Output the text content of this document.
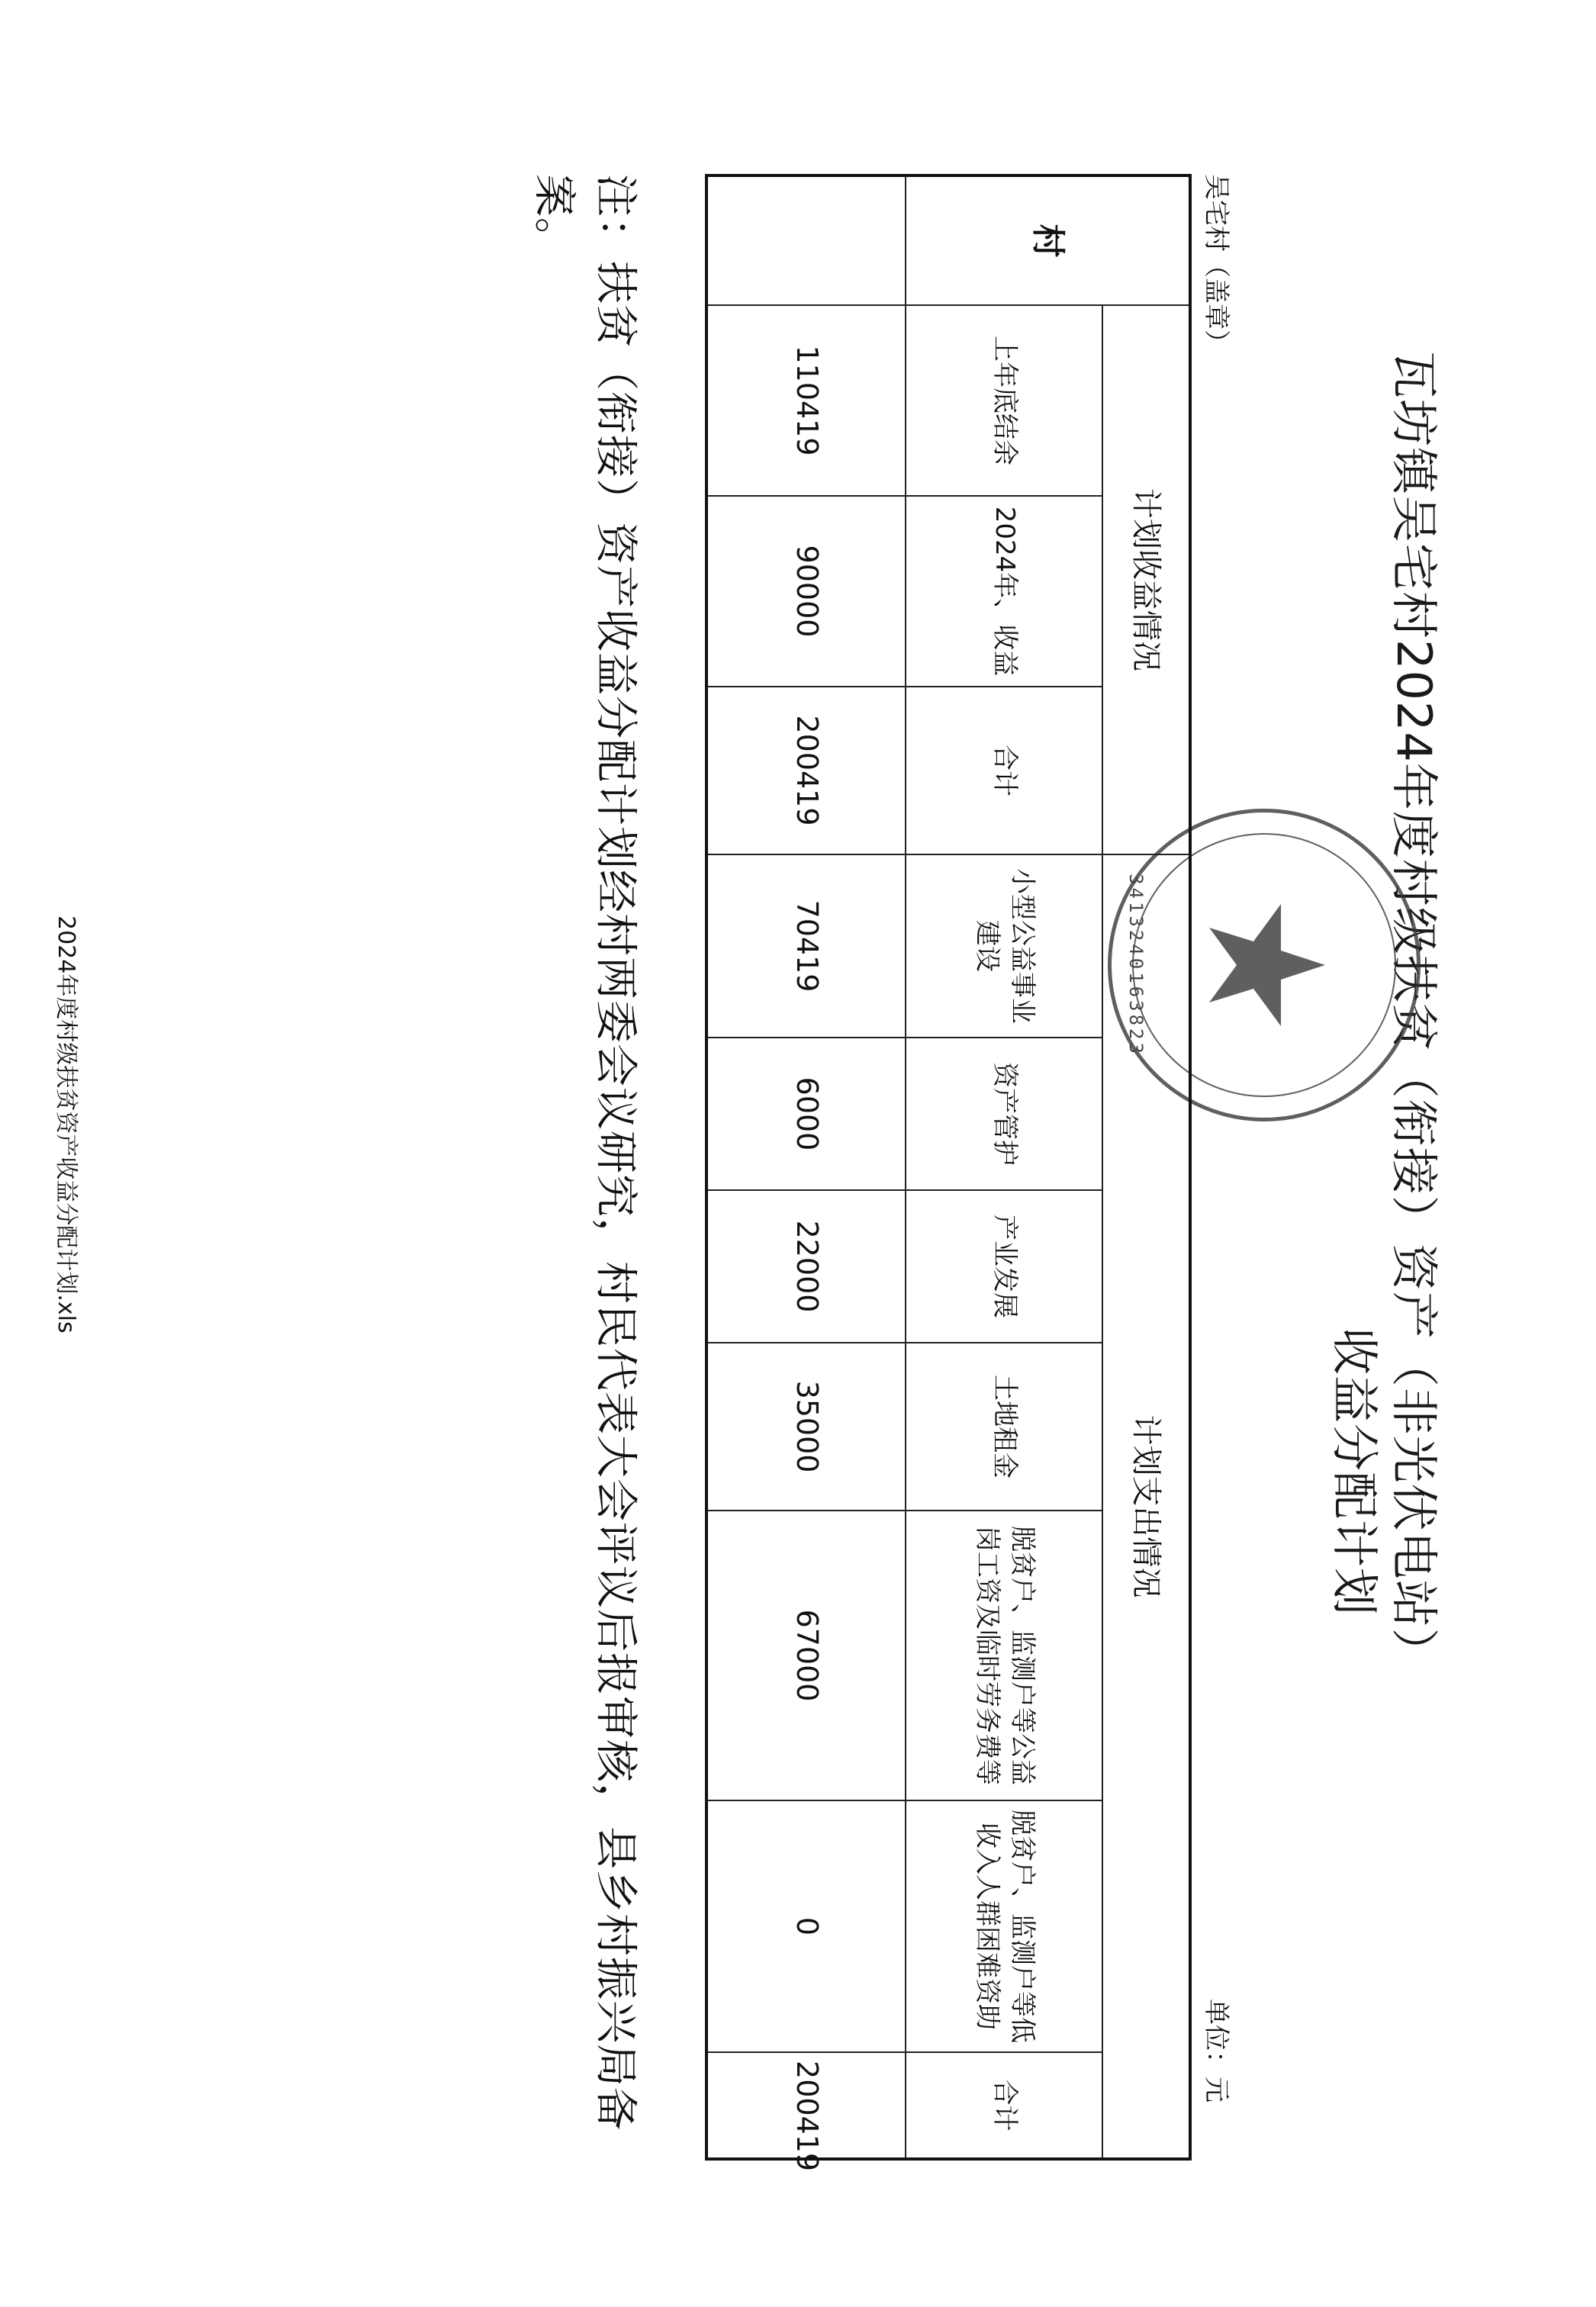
瓦坊镇吴宅村2024年度村级扶贫（衔接）资产（非光伏电站）
收益分配计划
3413240163823
吴宅村（盖章）
单位：元
村	计划收益情况			计划支出情况						
	上年底结余	2024年、收益	合计	小型公益事业建设	资产管护	产业发展	土地租金	脱贫户、监测户等公益岗工资及临时劳务费等	脱贫户、监测户等低收入人群困难资助	合计
	110419	90000	200419	70419	6000	22000	35000	67000	0	200419
注：扶贫（衔接）资产收益分配计划经村两委会议研究，村民代表大会评议后报审核，县乡村振兴局备案。
2024年度村级扶贫资产收益分配计划.xls
